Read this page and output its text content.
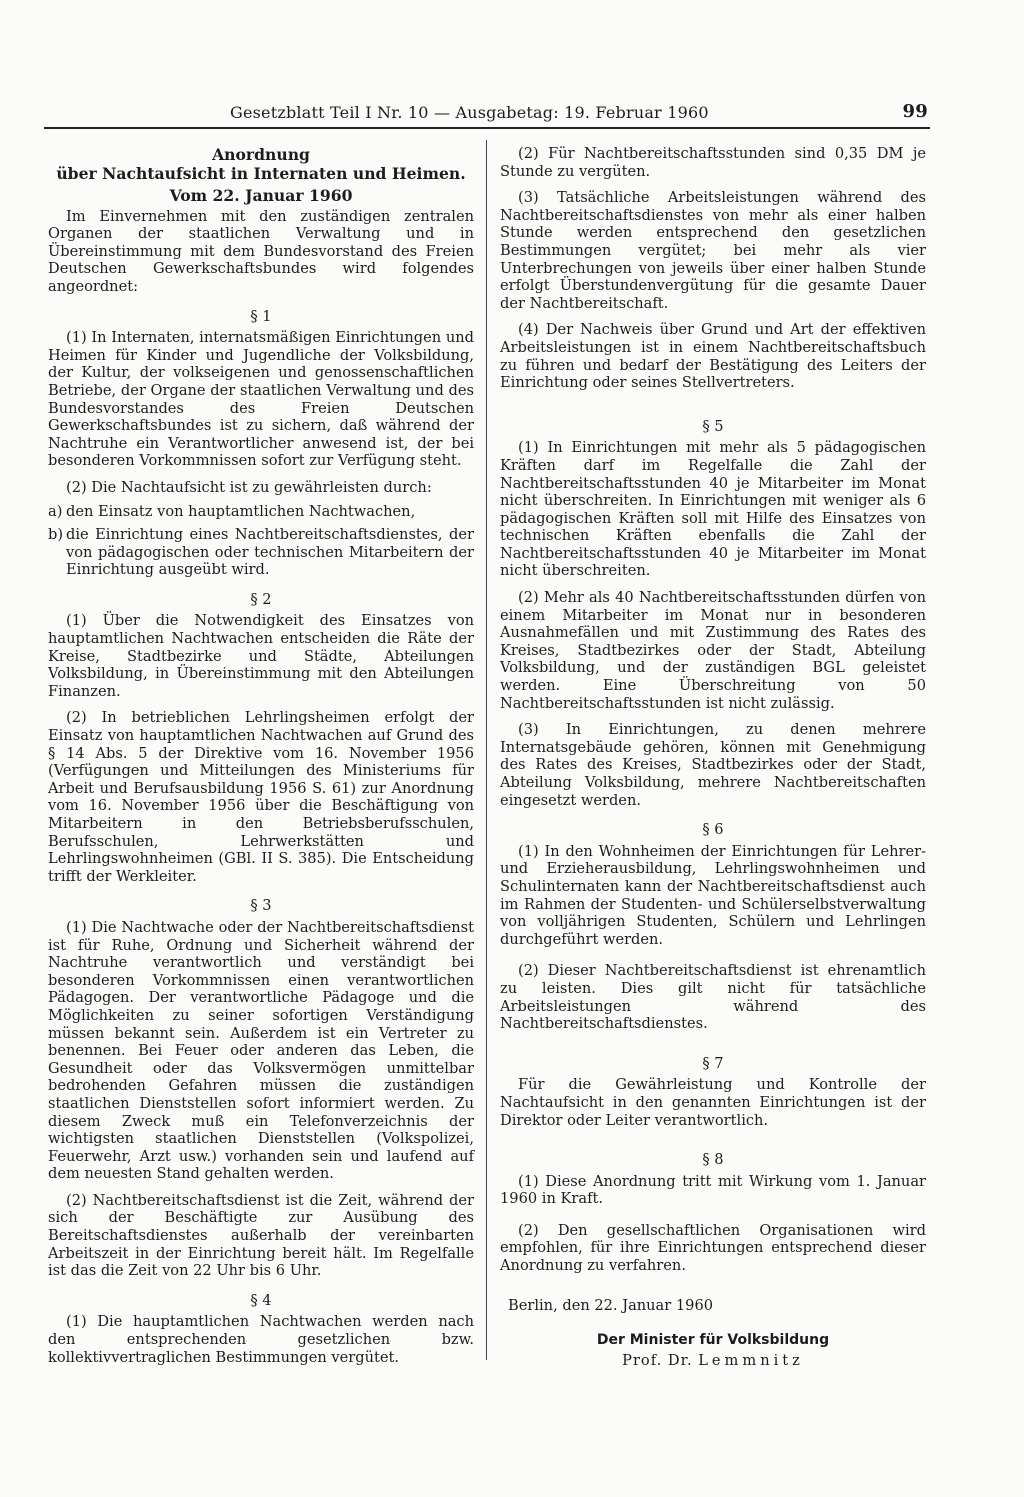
Gesetzblatt Teil I Nr. 10 — Ausgabetag: 19. Februar 1960	99

Anordnung

über Nachtaufsicht in Internaten und Heimen.

Vom 22. Januar 1960

Im Einvernehmen mit den zuständigen zentralen Organen der staatlichen Verwaltung und in Übereinstimmung mit dem Bundesvorstand des Freien Deutschen Gewerkschaftsbundes wird folgendes angeordnet:

§ 1

(1) In Internaten, internatsmäßigen Einrichtungen und Heimen für Kinder und Jugendliche der Volksbildung, der Kultur, der volkseigenen und genossenschaftlichen Betriebe, der Organe der staatlichen Verwaltung und des Bundesvorstandes des Freien Deutschen Gewerkschaftsbundes ist zu sichern, daß während der Nachtruhe ein Verantwortlicher anwesend ist, der bei besonderen Vorkommnissen sofort zur Verfügung steht.

(2) Die Nachtaufsicht ist zu gewährleisten durch:

a) den Einsatz von hauptamtlichen Nachtwachen,
b) die Einrichtung eines Nachtbereitschaftsdienstes, der von pädagogischen oder technischen Mitarbeitern der Einrichtung ausgeübt wird.

§ 2

(1) Über die Notwendigkeit des Einsatzes von hauptamtlichen Nachtwachen entscheiden die Räte der Kreise, Stadtbezirke und Städte, Abteilungen Volksbildung, in Übereinstimmung mit den Abteilungen Finanzen.

(2) In betrieblichen Lehrlingsheimen erfolgt der Einsatz von hauptamtlichen Nachtwachen auf Grund des § 14 Abs. 5 der Direktive vom 16. November 1956 (Verfügungen und Mitteilungen des Ministeriums für Arbeit und Berufsausbildung 1956 S. 61) zur Anordnung vom 16. November 1956 über die Beschäftigung von Mitarbeitern in den Betriebsberufsschulen, Berufsschulen, Lehrwerkstätten und Lehrlingswohnheimen (GBl. II S. 385). Die Entscheidung trifft der Werkleiter.

§ 3

(1) Die Nachtwache oder der Nachtbereitschaftsdienst ist für Ruhe, Ordnung und Sicherheit während der Nachtruhe verantwortlich und verständigt bei besonderen Vorkommnissen einen verantwortlichen Pädagogen. Der verantwortliche Pädagoge und die Möglichkeiten zu seiner sofortigen Verständigung müssen bekannt sein. Außerdem ist ein Vertreter zu benennen. Bei Feuer oder anderen das Leben, die Gesundheit oder das Volksvermögen unmittelbar bedrohenden Gefahren müssen die zuständigen staatlichen Dienststellen sofort informiert werden. Zu diesem Zweck muß ein Telefonverzeichnis der wichtigsten staatlichen Dienststellen (Volkspolizei, Feuerwehr, Arzt usw.) vorhanden sein und laufend auf dem neuesten Stand gehalten werden.

(2) Nachtbereitschaftsdienst ist die Zeit, während der sich der Beschäftigte zur Ausübung des Bereitschaftsdienstes außerhalb der vereinbarten Arbeitszeit in der Einrichtung bereit hält. Im Regelfalle ist das die Zeit von 22 Uhr bis 6 Uhr.

§ 4

(1) Die hauptamtlichen Nachtwachen werden nach den entsprechenden gesetzlichen bzw. kollektivvertraglichen Bestimmungen vergütet.

(2) Für Nachtbereitschaftsstunden sind 0,35 DM je Stunde zu vergüten.

(3) Tatsächliche Arbeitsleistungen während des Nachtbereitschaftsdienstes von mehr als einer halben Stunde werden entsprechend den gesetzlichen Bestimmungen vergütet; bei mehr als vier Unterbrechungen von jeweils über einer halben Stunde erfolgt Überstundenvergütung für die gesamte Dauer der Nachtbereitschaft.

(4) Der Nachweis über Grund und Art der effektiven Arbeitsleistungen ist in einem Nachtbereitschaftsbuch zu führen und bedarf der Bestätigung des Leiters der Einrichtung oder seines Stellvertreters.

§ 5

(1) In Einrichtungen mit mehr als 5 pädagogischen Kräften darf im Regelfalle die Zahl der Nachtbereitschaftsstunden 40 je Mitarbeiter im Monat nicht überschreiten. In Einrichtungen mit weniger als 6 pädagogischen Kräften soll mit Hilfe des Einsatzes von technischen Kräften ebenfalls die Zahl der Nachtbereitschaftsstunden 40 je Mitarbeiter im Monat nicht überschreiten.

(2) Mehr als 40 Nachtbereitschaftsstunden dürfen von einem Mitarbeiter im Monat nur in besonderen Ausnahmefällen und mit Zustimmung des Rates des Kreises, Stadtbezirkes oder der Stadt, Abteilung Volksbildung, und der zuständigen BGL geleistet werden. Eine Überschreitung von 50 Nachtbereitschaftsstunden ist nicht zulässig.

(3) In Einrichtungen, zu denen mehrere Internatsgebäude gehören, können mit Genehmigung des Rates des Kreises, Stadtbezirkes oder der Stadt, Abteilung Volksbildung, mehrere Nachtbereitschaften eingesetzt werden.

§ 6

(1) In den Wohnheimen der Einrichtungen für Lehrer- und Erzieherausbildung, Lehrlingswohnheimen und Schulinternaten kann der Nachtbereitschaftsdienst auch im Rahmen der Studenten- und Schülerselbstverwaltung von volljährigen Studenten, Schülern und Lehrlingen durchgeführt werden.

(2) Dieser Nachtbereitschaftsdienst ist ehrenamtlich zu leisten. Dies gilt nicht für tatsächliche Arbeitsleistungen während des Nachtbereitschaftsdienstes.

§ 7

Für die Gewährleistung und Kontrolle der Nachtaufsicht in den genannten Einrichtungen ist der Direktor oder Leiter verantwortlich.

§ 8

(1) Diese Anordnung tritt mit Wirkung vom 1. Januar 1960 in Kraft.

(2) Den gesellschaftlichen Organisationen wird empfohlen, für ihre Einrichtungen entsprechend dieser Anordnung zu verfahren.

Berlin, den 22. Januar 1960

Der Minister für Volksbildung

Prof. Dr. Lemmnitz
